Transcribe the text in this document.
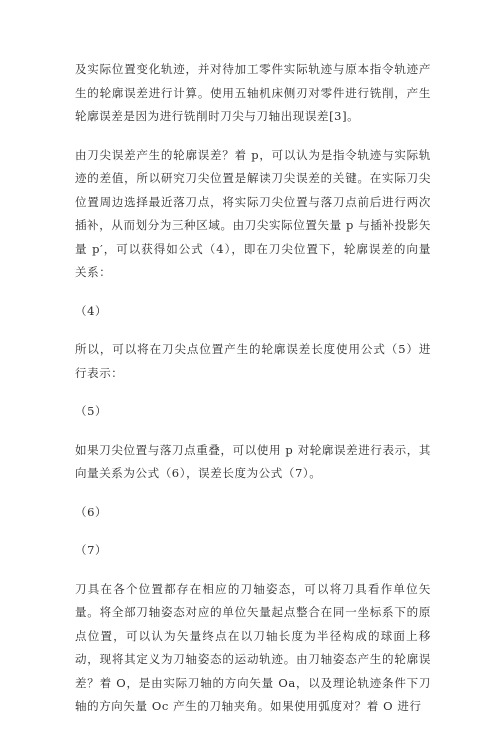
及实际位置变化轨迹，并对待加工零件实际轨迹与原本指令轨迹产生的轮廓误差进行计算。使用五轴机床侧刃对零件进行铣削，产生轮廓误差是因为进行铣削时刀尖与刀轴出现误差[3]。

由刀尖误差产生的轮廓误差？着 p，可以认为是指令轨迹与实际轨迹的差值，所以研究刀尖位置是解读刀尖误差的关键。在实际刀尖位置周边选择最近落刀点，将实际刀尖位置与落刀点前后进行两次插补，从而划分为三种区域。由刀尖实际位置矢量 p 与插补投影矢量 p′，可以获得如公式（4），即在刀尖位置下，轮廓误差的向量关系：

（4）

所以，可以将在刀尖点位置产生的轮廓误差长度使用公式（5）进行表示：

（5）

如果刀尖位置与落刀点重叠，可以使用 p 对轮廓误差进行表示，其向量关系为公式（6），误差长度为公式（7）。

（6）

（7）

刀具在各个位置都存在相应的刀轴姿态，可以将刀具看作单位矢量。将全部刀轴姿态对应的单位矢量起点整合在同一坐标系下的原点位置，可以认为矢量终点在以刀轴长度为半径构成的球面上移动，现将其定义为刀轴姿态的运动轨迹。由刀轴姿态产生的轮廓误差？着 O，是由实际刀轴的方向矢量 Oa，以及理论轨迹条件下刀轴的方向矢量 Oc 产生的刀轴夹角。如果使用弧度对？着 O 进行
